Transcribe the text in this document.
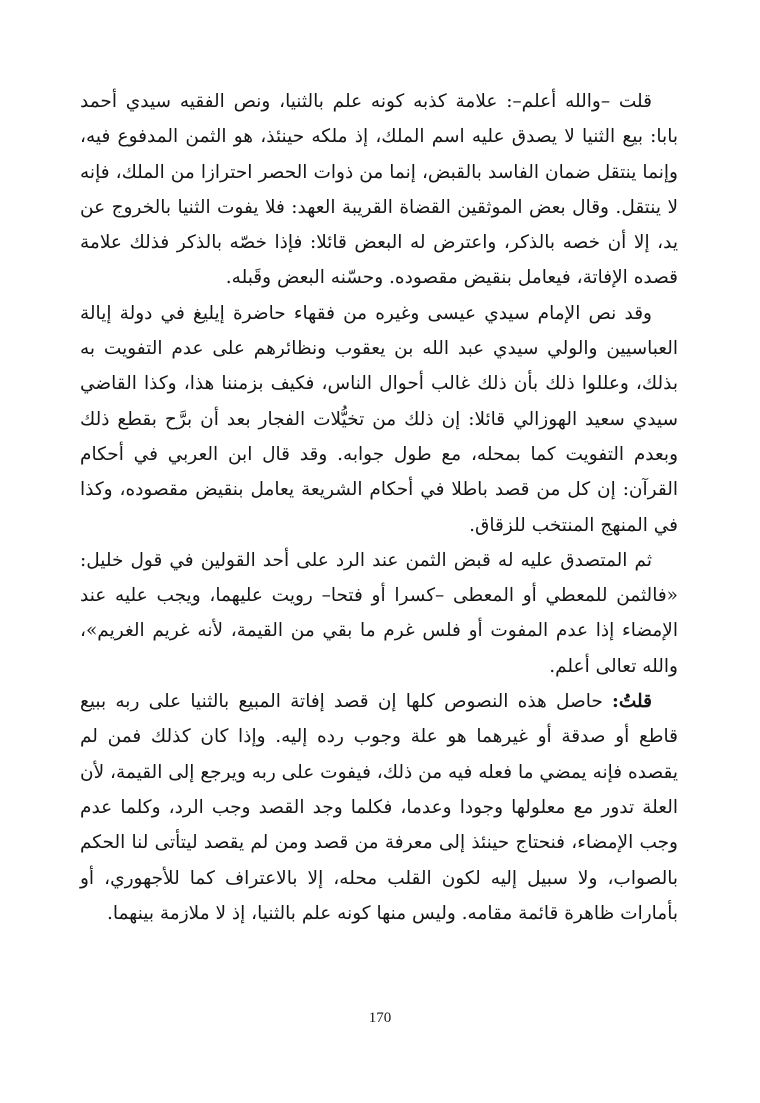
قلت –والله أعلم–: علامة كذبه كونه علم بالثنيا، ونص الفقيه سيدي أحمد بابا: بيع الثنيا لا يصدق عليه اسم الملك، إذ ملكه حينئذ، هو الثمن المدفوع فيه، وإنما ينتقل ضمان الفاسد بالقبض، إنما من ذوات الحصر احترازا من الملك، فإنه لا ينتقل. وقال بعض الموثقين القضاة القريبة العهد: فلا يفوت الثنيا بالخروج عن يد، إلا أن خصه بالذكر، واعترض له البعض قائلا: فإذا خصّه بالذكر فذلك علامة قصده الإفاتة، فيعامل بنقيض مقصوده. وحسّنه البعض وقَبله.

وقد نص الإمام سيدي عيسى وغيره من فقهاء حاضرة إيليغ في دولة إيالة العباسيين والولي سيدي عبد الله بن يعقوب ونظائرهم على عدم التفويت به بذلك، وعللوا ذلك بأن ذلك غالب أحوال الناس، فكيف بزمننا هذا، وكذا القاضي سيدي سعيد الهوزالي قائلا: إن ذلك من تخيُّلات الفجار بعد أن برَّح بقطع ذلك وبعدم التفويت كما بمحله، مع طول جوابه. وقد قال ابن العربي في أحكام القرآن: إن كل من قصد باطلا في أحكام الشريعة يعامل بنقيض مقصوده، وكذا في المنهج المنتخب للزقاق.

ثم المتصدق عليه له قبض الثمن عند الرد على أحد القولين في قول خليل: «فالثمن للمعطي أو المعطى –كسرا أو فتحا– رويت عليهما، ويجب عليه عند الإمضاء إذا عدم المفوت أو فلس غرم ما بقي من القيمة، لأنه غريم الغريم»، والله تعالى أعلم.

قلتُ: حاصل هذه النصوص كلها إن قصد إفاتة المبيع بالثنيا على ربه ببيع قاطع أو صدقة أو غيرهما هو علة وجوب رده إليه. وإذا كان كذلك فمن لم يقصده فإنه يمضي ما فعله فيه من ذلك، فيفوت على ربه ويرجع إلى القيمة، لأن العلة تدور مع معلولها وجودا وعدما، فكلما وجد القصد وجب الرد، وكلما عدم وجب الإمضاء، فنحتاج حينئذ إلى معرفة من قصد ومن لم يقصد ليتأتى لنا الحكم بالصواب، ولا سبيل إليه لكون القلب محله، إلا بالاعتراف كما للأجهوري، أو بأمارات ظاهرة قائمة مقامه. وليس منها كونه علم بالثنيا، إذ لا ملازمة بينهما.

170
